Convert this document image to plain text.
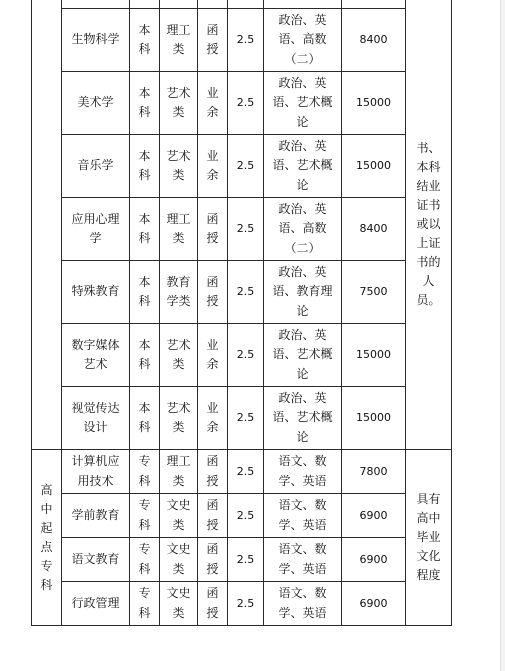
								书、本科结业证书或以上证书的人员。
	生物科学	本科	理工类	函授	2.5	政治、英语、高数（二）	8400	
	美术学	本科	艺术类	业余	2.5	政治、英语、艺术概论	15000	
	音乐学	本科	艺术类	业余	2.5	政治、英语、艺术概论	15000	
	应用心理学	本科	理工类	函授	2.5	政治、英语、高数（二）	8400	
	特殊教育	本科	教育学类	函授	2.5	政治、英语、教育理论	7500	
	数字媒体艺术	本科	艺术类	业余	2.5	政治、英语、艺术概论	15000	
	视觉传达设计	本科	艺术类	业余	2.5	政治、英语、艺术概论	15000	
高中起点专科	计算机应用技术	专科	理工类	函授	2.5	语文、数学、英语	7800	具有高中毕业文化程度
	学前教育	专科	文史类	函授	2.5	语文、数学、英语	6900	
	语文教育	专科	文史类	函授	2.5	语文、数学、英语	6900	
	行政管理	专科	文史类	函授	2.5	语文、数学、英语	6900	
